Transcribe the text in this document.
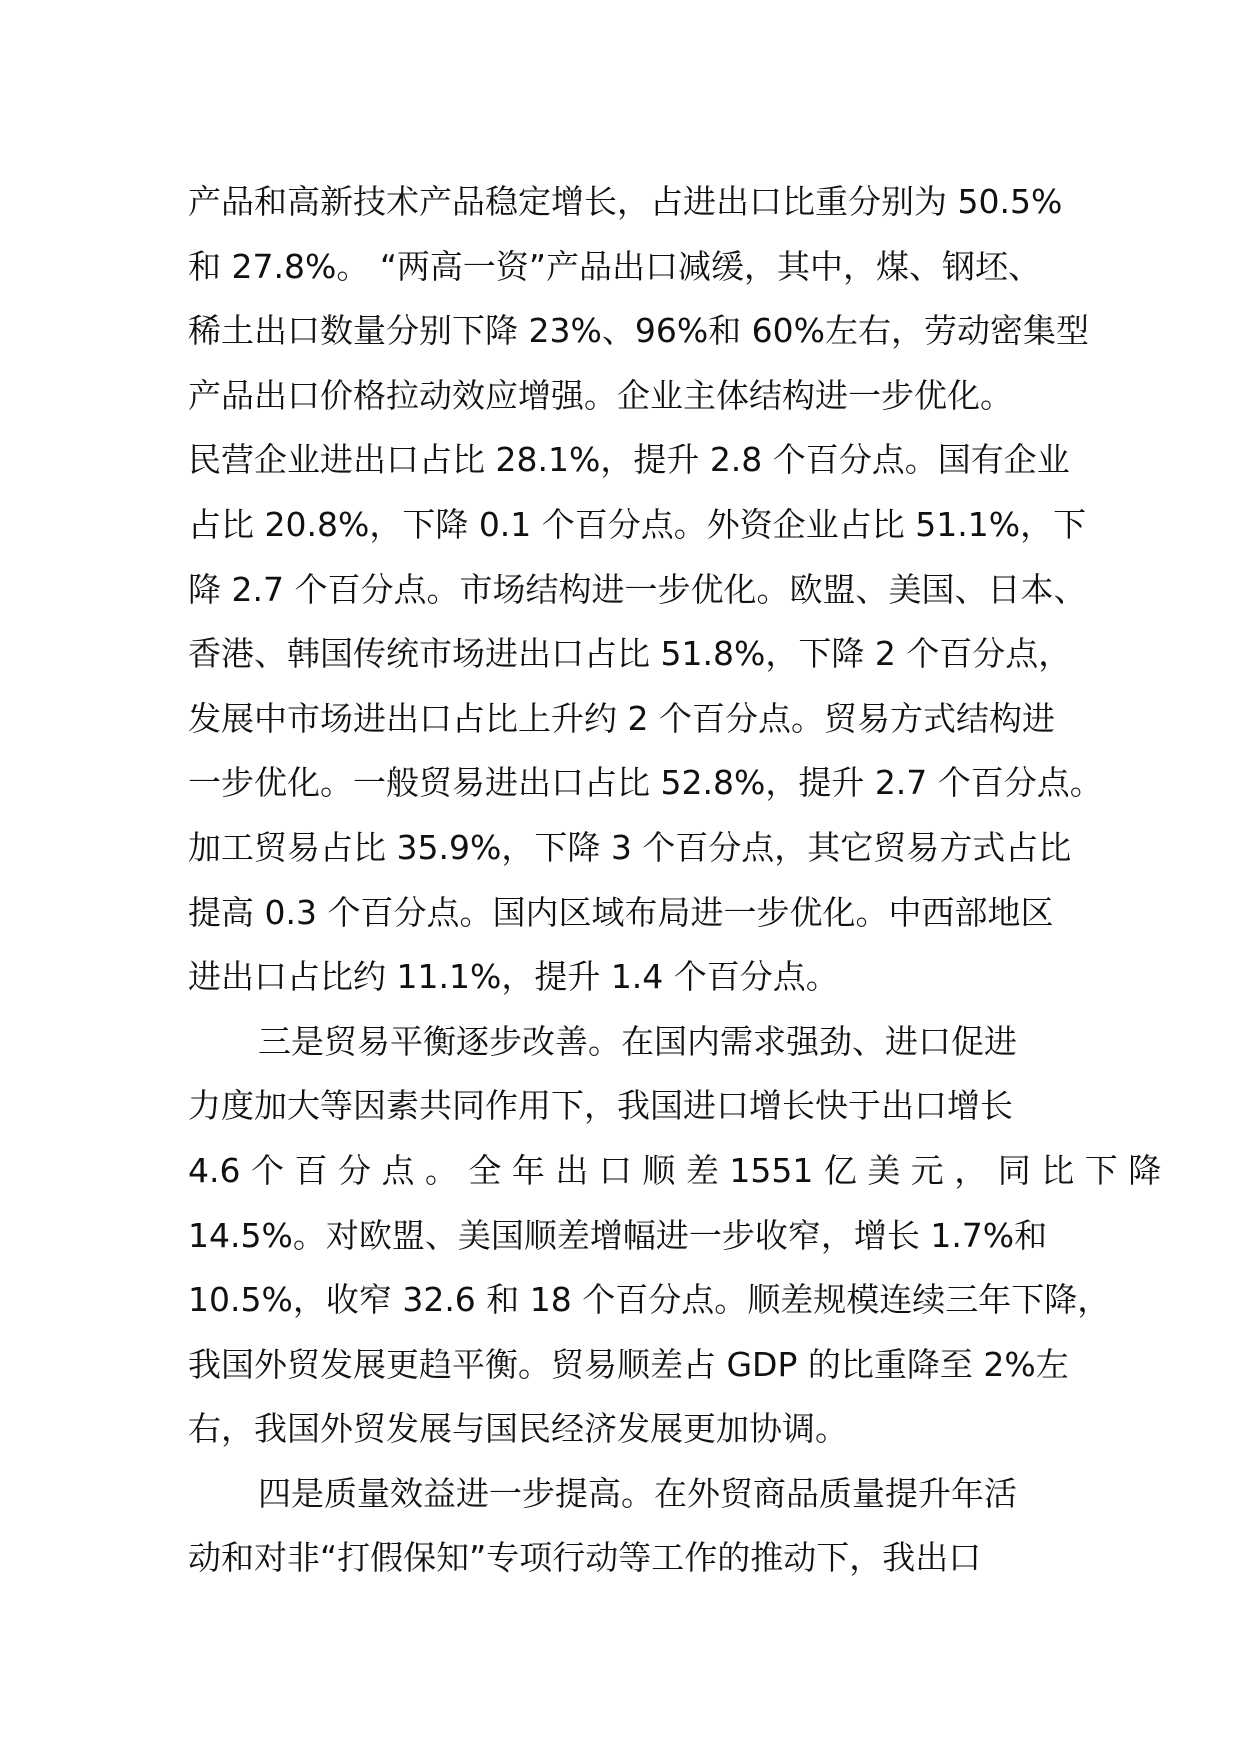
产品和高新技术产品稳定增长，占进出口比重分别为 50.5%
和 27.8%。 “两高一资”产品出口减缓，其中，煤、钢坯、
稀土出口数量分别下降 23%、96%和 60%左右，劳动密集型
产品出口价格拉动效应增强。企业主体结构进一步优化。
民营企业进出口占比 28.1%，提升 2.8 个百分点。国有企业
占比 20.8%，下降 0.1 个百分点。外资企业占比 51.1%，下
降 2.7 个百分点。市场结构进一步优化。欧盟、美国、日本、
香港、韩国传统市场进出口占比 51.8%，下降 2 个百分点，
发展中市场进出口占比上升约 2 个百分点。贸易方式结构进
一步优化。一般贸易进出口占比 52.8%，提升 2.7 个百分点。
加工贸易占比 35.9%，下降 3 个百分点，其它贸易方式占比
提高 0.3 个百分点。国内区域布局进一步优化。中西部地区
进出口占比约 11.1%，提升 1.4 个百分点。
三是贸易平衡逐步改善。在国内需求强劲、进口促进
力度加大等因素共同作用下，我国进口增长快于出口增长
4.6 个 百 分 点 。 全 年 出 口 顺 差 1551 亿 美 元 ， 同 比 下 降
14.5%。对欧盟、美国顺差增幅进一步收窄，增长 1.7%和
10.5%，收窄 32.6 和 18 个百分点。顺差规模连续三年下降，
我国外贸发展更趋平衡。贸易顺差占 GDP 的比重降至 2%左
右，我国外贸发展与国民经济发展更加协调。
四是质量效益进一步提高。在外贸商品质量提升年活
动和对非“打假保知”专项行动等工作的推动下，我出口
